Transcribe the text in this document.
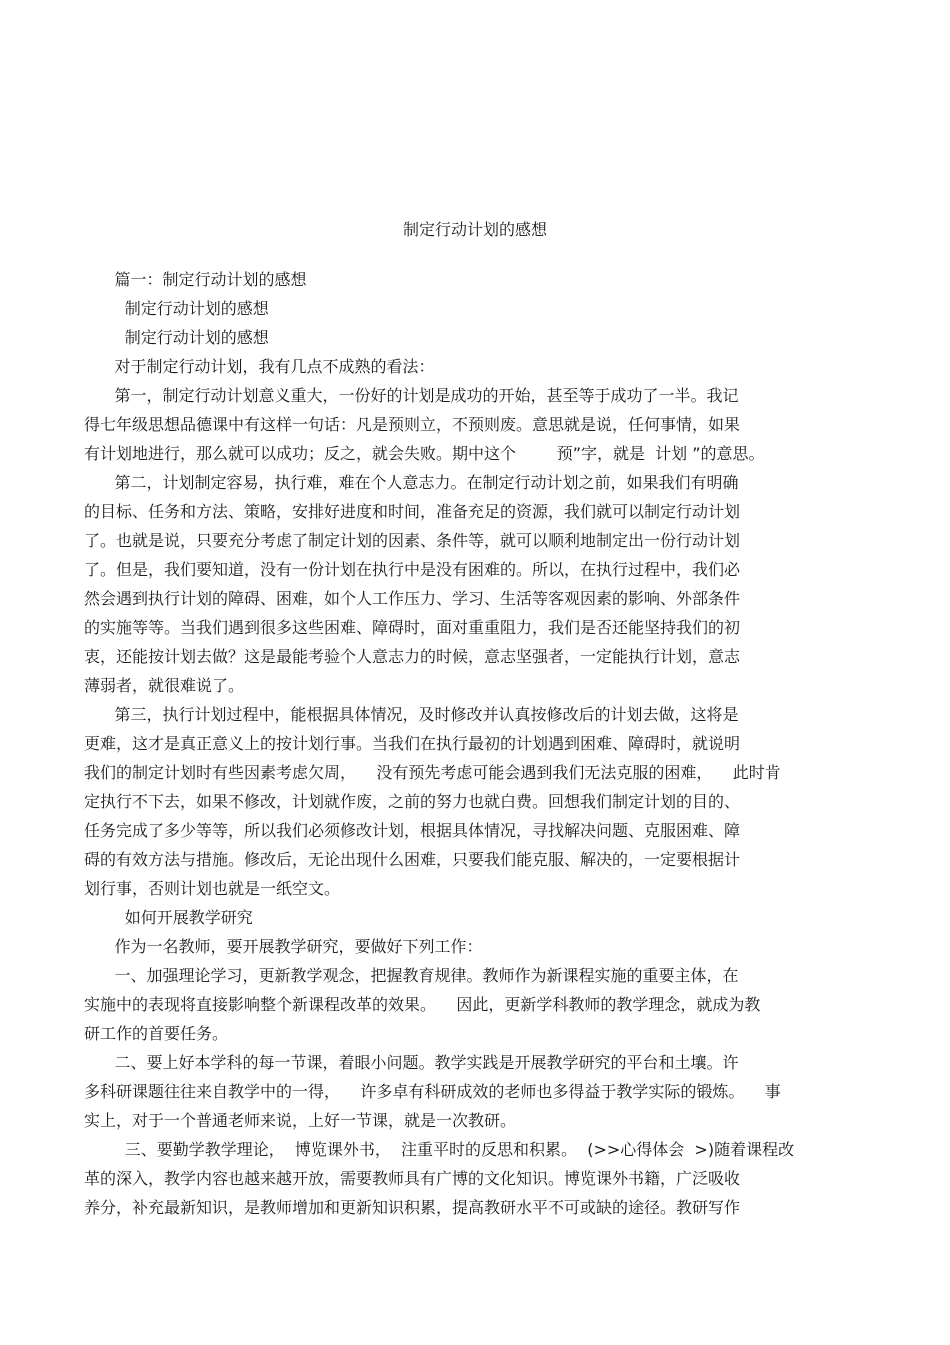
制定行动计划的感想
篇一：制定行动计划的感想
制定行动计划的感想
制定行动计划的感想
对于制定行动计划，我有几点不成熟的看法：
第一，制定行动计划意义重大，一份好的计划是成功的开始，甚至等于成功了一半。我记
得七年级思想品德课中有这样一句话：凡是预则立，不预则废。意思就是说，任何事情，如果
有计划地进行，那么就可以成功；反之，就会失败。期中这个        预”字，就是  计划 ”的意思。
第二，计划制定容易，执行难，难在个人意志力。在制定行动计划之前，如果我们有明确
的目标、任务和方法、策略，安排好进度和时间，准备充足的资源，我们就可以制定行动计划
了。也就是说，只要充分考虑了制定计划的因素、条件等，就可以顺利地制定出一份行动计划
了。但是，我们要知道，没有一份计划在执行中是没有困难的。所以，在执行过程中，我们必
然会遇到执行计划的障碍、困难，如个人工作压力、学习、生活等客观因素的影响、外部条件
的实施等等。当我们遇到很多这些困难、障碍时，面对重重阻力，我们是否还能坚持我们的初
衷，还能按计划去做？这是最能考验个人意志力的时候，意志坚强者，一定能执行计划，意志
薄弱者，就很难说了。
第三，执行计划过程中，能根据具体情况，及时修改并认真按修改后的计划去做，这将是
更难，这才是真正意义上的按计划行事。当我们在执行最初的计划遇到困难、障碍时，就说明
我们的制定计划时有些因素考虑欠周，    没有预先考虑可能会遇到我们无法克服的困难，    此时肯
定执行不下去，如果不修改，计划就作废，之前的努力也就白费。回想我们制定计划的目的、
任务完成了多少等等，所以我们必须修改计划，根据具体情况，寻找解决问题、克服困难、障
碍的有效方法与措施。修改后，无论出现什么困难，只要我们能克服、解决的，一定要根据计
划行事，否则计划也就是一纸空文。
如何开展教学研究
作为一名教师，要开展教学研究，要做好下列工作：
一、加强理论学习，更新教学观念，把握教育规律。教师作为新课程实施的重要主体，在
实施中的表现将直接影响整个新课程改革的效果。    因此，更新学科教师的教学理念，就成为教
研工作的首要任务。
二、要上好本学科的每一节课，着眼小问题。教学实践是开展教学研究的平台和土壤。许
多科研课题往往来自教学中的一得，    许多卓有科研成效的老师也多得益于教学实际的锻炼。    事
实上，对于一个普通老师来说，上好一节课，就是一次教研。
三、要勤学教学理论，  博览课外书，  注重平时的反思和积累。  (>>心得体会  >)随着课程改
革的深入，教学内容也越来越开放，需要教师具有广博的文化知识。博览课外书籍，广泛吸收
养分，补充最新知识，是教师增加和更新知识积累，提高教研水平不可或缺的途径。教研写作
